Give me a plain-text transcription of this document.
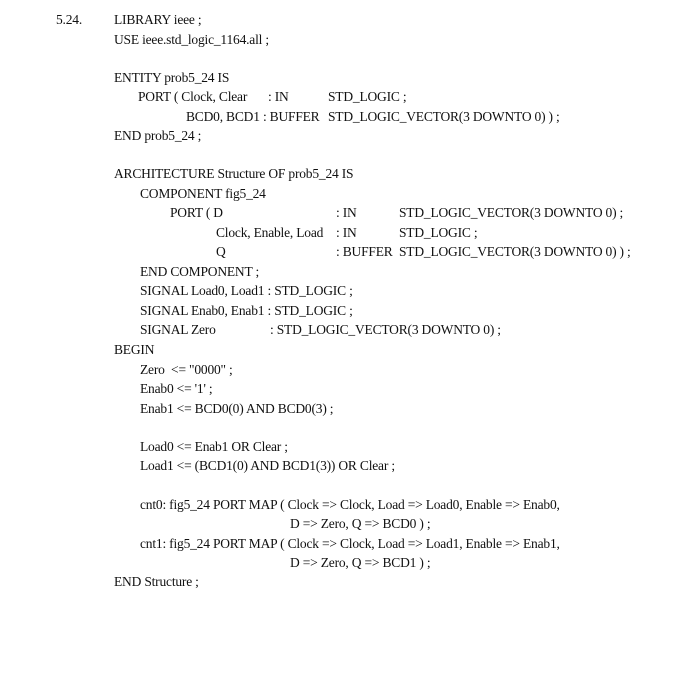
5.24. LIBRARY ieee ;
USE ieee.std_logic_1164.all ;
ENTITY prob5_24 IS
PORT ( Clock, Clear : IN	STD_LOGIC ;
BCD0, BCD1 : BUFFER STD_LOGIC_VECTOR(3 DOWNTO 0) ) ;
END prob5_24 ;
ARCHITECTURE Structure OF prob5_24 IS
COMPONENT fig5_24
PORT ( D	: IN	STD_LOGIC_VECTOR(3 DOWNTO 0) ;
Clock, Enable, Load : IN	STD_LOGIC ;
Q	: BUFFER STD_LOGIC_VECTOR(3 DOWNTO 0) ) ;
END COMPONENT ;
SIGNAL Load0, Load1 : STD_LOGIC ;
SIGNAL Enab0, Enab1 : STD_LOGIC ;
SIGNAL Zero	: STD_LOGIC_VECTOR(3 DOWNTO 0) ;
BEGIN
Zero  <= "0000" ;
Enab0 <= '1' ;
Enab1 <= BCD0(0) AND BCD0(3) ;
Load0 <= Enab1 OR Clear ;
Load1 <= (BCD1(0) AND BCD1(3)) OR Clear ;
cnt0: fig5_24 PORT MAP ( Clock => Clock, Load => Load0, Enable => Enab0,
D => Zero, Q => BCD0 ) ;
cnt1: fig5_24 PORT MAP ( Clock => Clock, Load => Load1, Enable => Enab1,
D => Zero, Q => BCD1 ) ;
END Structure ;
